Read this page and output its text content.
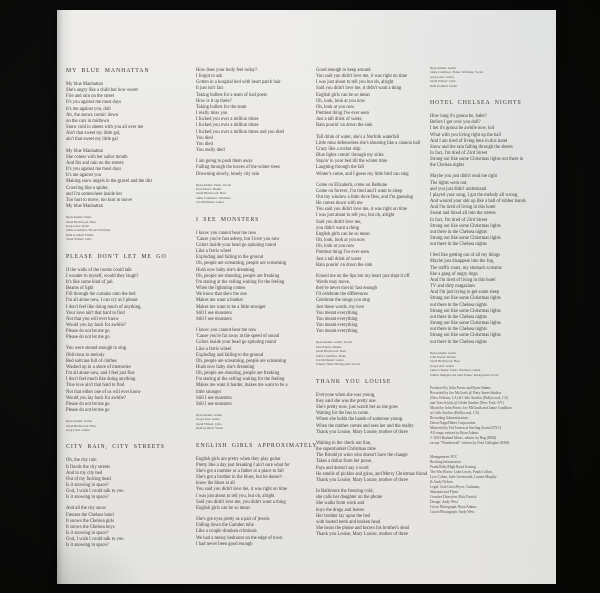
MY BLUE MANHATTAN
My blue Manhattan
She's angry like a child but how sweet
Fire and rain on the street
It's you against me most days
It's me against you, doll
Ah, the snows comin' down
on the cars in midtown
Snow cold in sheets with you all over me
Ain't that sweet my little gal,
ain't that sweet my little gal
My blue Manhattan
She comes with her sailor mouth
And fits and rain on the streets
It's you against me most days
It's me against you
Making snow angels in the gravel and the dirt
Crawling like a spider,
and I'm somewhere inside her
Too hurt to move, too hurt to move
My blue Manhattan
Ryan Adams: Piano
Sarah Birchwood: Bass
Greg Leisz: Pedal
Jamie Candiloro: B3 and Wurlitzer
Ruth Gottlieb: Fiddle
Sarah Wilson: Cello
PLEASE DON'T LET ME GO
If the walls of the rooms could talk
I wonder to myself, would they laugh?
It's like some kind of jail.
Beams of light
Fill through the curtains onto the bed
I'm all alone now, I can cry as I please
I don't feel like doing much of anything,
Your love ain't that hard to find
Not that you will ever know
Would you lay back for awhile?
Please do not let me go
Please do not let me go
You were stoned enough to sing
Oblivious to melody
Red suitcase full of clothes
Washed up in a shore of memories
I'm all alone now, and I feel just fine
I don't feel much like doing anything
True love ain't that hard to find
Not that either one of us will ever know
Would you lay back for awhile?
Please do not let me go
Please do not let me go
Ryan Adams: Guitar
Sarah Birchwood: Bass
Greg Leisz: Guitar
CITY RAIN, CITY STREETS
Oh, the city rain
It floods the city streets
And in my city bed
Out of my fucking head
Is it snowing in space?
God, I wish I could talk to you
Is it snowing in space?
And all the city snow
Freezes the Chelsea hotel
It snows the Chelsea girls
It snows the Chelsea boys
Is it snowing in space?
God, I wish I could talk to you
Is it snowing in space?
How does your body feel today?
I forgot to ask
Gotten in a hospital bed with heart patch hair
It just isn't fair
Taking bullets for a team of bad poets
How is it up there?
Taking bullets for the team
I really miss you
I fucked you over a million times
I fucked you over a million times
I fucked you over a million times and you died
You died
You died
You really died
I am going to push them away
Falling through the leaves of the winter trees
Drowning slowly, lonely city rain
Ryan Adams: Piano, Vocals
Paul Fauser: Drums
Sarah Birchwood: Bass
Jamie Candiloro: Wurlitzer
Jon McDaniel: Guitar
I SEE MONSTERS
I know you cannot hear me now
'Cause you're fast asleep, but I love you now
Colors inside your head go spinning round
Like a ferris wheel
Exploding and falling to the ground
Oh, people are screaming, people are screaming
Hush now baby she's dreaming
Oh, people are shouting, people are freaking
I'm staring at the ceiling waiting for the feeling
When the lightning comes
We know that she's the one
Makes me want a bunker
Makes me want to be a little stronger
Still I see monsters
Still I see monsters
I know you cannot hear me now
'Cause you're far away at the speed of sound
Colors inside your head go spinning round
Like a ferris wheel
Exploding and falling to the ground
Oh, people are screaming, people are screaming
Hush now baby she's dreaming
Oh, people are shouting, people are freaking
I'm staring at the ceiling waiting for the feeling
Makes me want it harder, makes me want to be a
little stronger
Still I see monsters
Still I see monsters
Ryan Adams: Guitar
Greg Leisz: Guitar
Sarah Wilson: Cello
Ruth Gottlieb: Violin
ENGLISH GIRLS APPROXIMATELY
English girls are pretty when they play guitar
Pretty like a day just breaking I ain't sure what for
She's got a number or a father or a place to fall
She's got a brother in the blues, but he doesn't
know the blues at all
You said you didn't love me, it was right on time
I was just about to tell you, but oh, alright
Said you didn't love me, you didn't want a thing
English girls can be so mean
She's got eyes pretty as a pair of jewels
Falling down the Camden tube
Like a couple drunken criminals
We had a messy bedroom on the edge of town
I had never been good enough
Good enough to keep around
You said you didn't love me, it was right on time
I was just about to tell you but oh, alright
Said you didn't love me, it didn't want a thing
English girls can be so mean
Oh, look, look at you now
Oh, look at you now
Prettiest thing I've ever seen
Just a tall drink of water,
Rain pourin' on down the sink
Tall drink of water, she's a Norfolk waterfall
Little miss defenseless she's shooting like a cannon ball
Crazy like a rocket ship
Blue lights comin' through my sides
Stayin' in your bed till the winter time
Laughing through the fall
Winter's come, and I guess my little bird can sing
Come on Elizabeth, come on Bethune
Come on forever, I'm tired and I want to sleep
Out my window a little dove flew, and I'm guessing
He comes down with me
You said you didn't love me, it was right on time
I was just about to tell you, but oh, alright
Said you didn't love me,
you didn't want a thing
English girls can be so mean
Oh, look, look at you now
Oh, look at you now
Prettiest thing I've ever seen
Just a tall drink of water
Rain pourin' on down the sink
Kissed me on the lips but my heart just slept it off
Words may move,
they're never movin' fast enough
I'll celebrate the differences
Celebrate the songs you sing
Just these words, my love
You meant everything
You meant everything
You meant everything
You meant everything
Ryan Adams: Guitar, Vocals
Paul Fauser: Drums
Sarah Birchwood: Bass
Jamie Candiloro: Piano
Jon McDaniel: Guitar
Johnny Tuttle: Background Vocals
THANK YOU LOUISE
Everyone when she was young,
they said she was the pretty one
She's pretty now, just watch her as she goes
Waiting for the bus to come.
Where she holds the hands of someone young.
When the mother comes and sees her and the reality
Thank you Louise, Mary Louise, mother of three
Waiting in the check out line,
the supermarket Christmas time
The Brooklyn wino who doesn't have the change
Takes a dollar from her purse,
Pays and doesn't say a word
He smells of pickles and grins, and Merry Christmas friend
Thank you Louise, Mary Louise, mother of three
In Baltimore the freezing cold,
she calls her daughter on the phone
She walks from work and
buys the drugs and leaves
Her brother lay upon the bed
with busted teeth and broken head
She hears the phone and knows his brother's dead
Thank you Louise, Mary Louise, mother of three
Ryan Adams: Guitar
Jamie Candiloro: Piano, Wurlitzer, Vocals
Greg Leisz: Guitar
Sarah Wilson: Cello
Ruth Gottlieb: Violin
HOTEL CHELSEA NIGHTS
How long it's gonna be, babe?
Before I get over you doll?
I bet it's gonna be awhile now, kid
What with you living right up the hall
And I am tired of living here in this hotel
Snow and the rain falling through the sheets
In fact, I'm tired of 23rd Street
Strung out like some Christmas lights out there in
the Chelsea nights
Maybe you just didn't read me right
The lights went out,
and you just didn't understand
I played your song, I got the melody all wrong,
And wound your shit up like a ball of rubber bands
And I'm tired of living in this hotel
Sweat and blood all into the streets
In fact, I'm tired of 23rd Street
Strung out like some Christmas lights
out there in the Chelsea nights
Strung out like some Christmas lights
out there in the Chelsea nights
I feel like getting out of all my things
Maybe just disappear into the fog,
The traffic roars, my stomach screams
like a gang of angry dogs
And I'm tired of living in this hotel
TV and dirty magazines
And I'm just trying to get some sleep
Strung out like some Christmas lights
out there in the Chelsea nights
Strung out like some Christmas lights
out there in the Chelsea nights
Strung out like some Christmas lights
out there in the Chelsea nights
Strung out like some Christmas lights
out there in the Chelsea nights
Ryan Adams: Guitar
John Fauser: Drums
Sarah Birchwood: Bass
Greg Leisz: Guitar
James Chaney: Piano, Wurlitzer, Guitar
Johnny Melgida and John Fauser: Background Vocals
Produced by John Porter and Ryan Adams
Recorded by Joe McGrath @ Piety Street Studios
(New Orleans, LA) & Cello Studios (Hollywood, CA)
and Tom Schick @ Globe Studios (New York, NY)
Mixed by John Porter, Joe McGrath and Jamie Candiloro
at Cello Studios (Hollywood, CA)
Recording Administration:
Dawn Napp/Haber Corporation
Mastered by Ted Jensen at Sterling Sound (NYC)
All songs written by Ryan Adams
© 2003 Barland Music, admin. by Bug (BMI)
except "Wonderwall" written by Noel Gallagher (BMI)
Management: FCC
Booking Information:
Frank Riley/High Road Touring
The War Room: Luke Lewis, Frank Callari,
Lyor Cohen, Julie Greenwald, Lauren Murphy
& Andy Nelson
Legal: Josh Grier/Pryor, Cashman,
Sherman and Flynn
Creative Direction: Rick Patrick
Design: Andy West
Cover Photograph: Ryan Adams
Couch Photograph: Andy West
